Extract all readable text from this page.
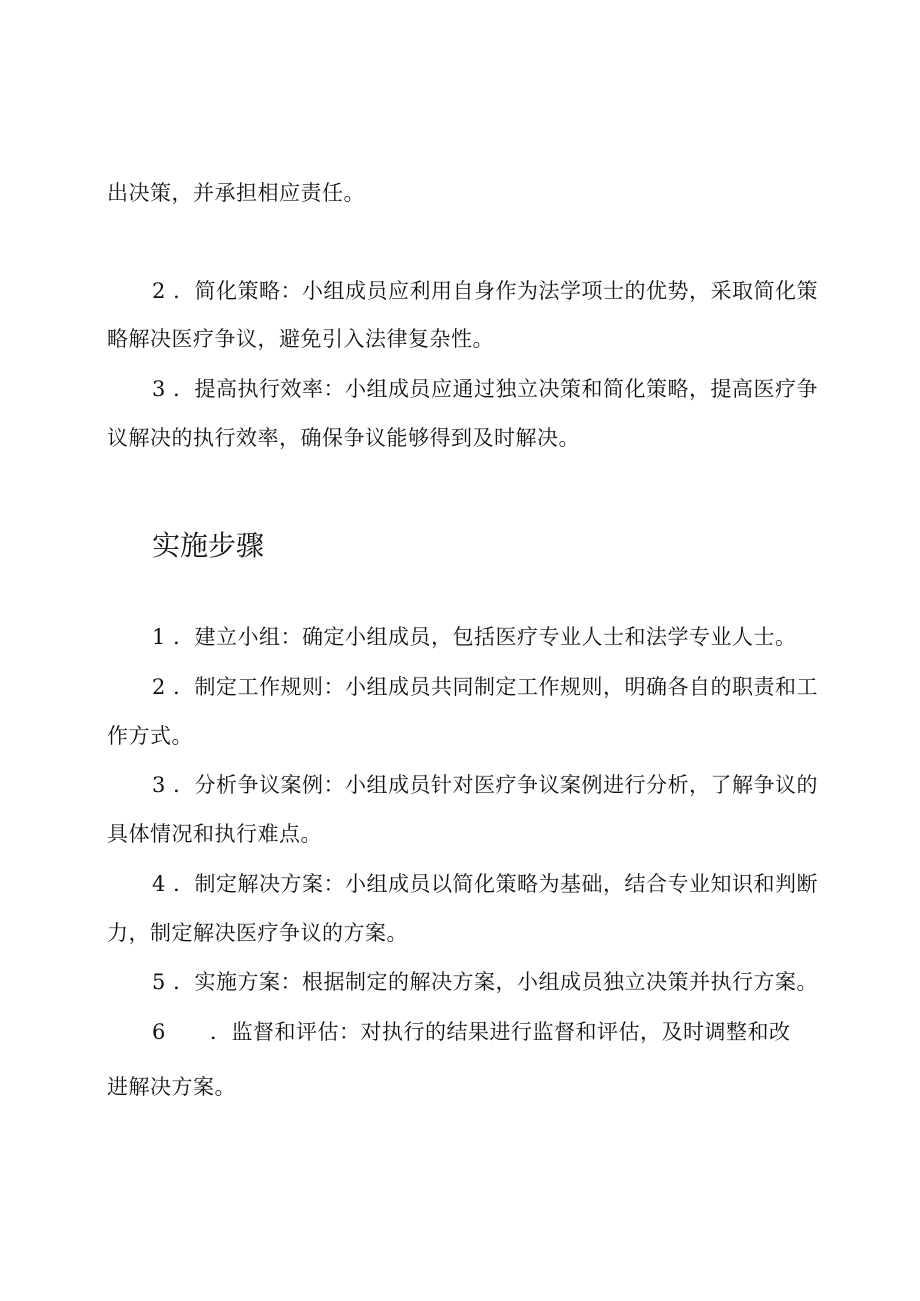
出决策，并承担相应责任。
2 ．简化策略：小组成员应利用自身作为法学项士的优势，采取简化策
略解决医疗争议，避免引入法律复杂性。
3 ．提高执行效率：小组成员应通过独立决策和简化策略，提高医疗争
议解决的执行效率，确保争议能够得到及时解决。
实施步骤
1 ．建立小组：确定小组成员，包括医疗专业人士和法学专业人士。
2 ．制定工作规则：小组成员共同制定工作规则，明确各自的职责和工
作方式。
3 ．分析争议案例：小组成员针对医疗争议案例进行分析，了解争议的
具体情况和执行难点。
4 ．制定解决方案：小组成员以简化策略为基础，结合专业知识和判断
力，制定解决医疗争议的方案。
5 ．实施方案：根据制定的解决方案，小组成员独立决策并执行方案。
6 ．监督和评估：对执行的结果进行监督和评估，及时调整和改
进解决方案。
